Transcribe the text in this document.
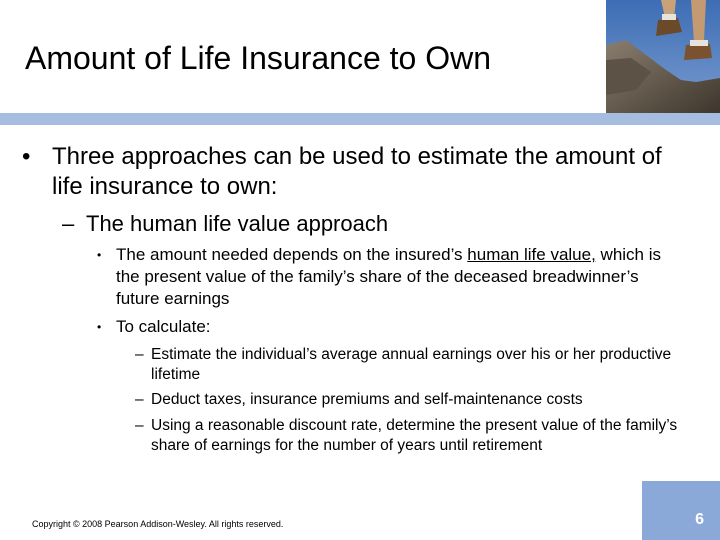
Amount of Life Insurance to Own
• Three approaches can be used to estimate the amount of life insurance to own:
– The human life value approach
• The amount needed depends on the insured’s human life value, which is the present value of the family’s share of the deceased breadwinner’s future earnings
• To calculate:
– Estimate the individual’s average annual earnings over his or her productive lifetime
– Deduct taxes, insurance premiums and self-maintenance costs
– Using a reasonable discount rate, determine the present value of the family’s share of earnings for the number of years until retirement
Copyright © 2008 Pearson Addison-Wesley. All rights reserved.	6
